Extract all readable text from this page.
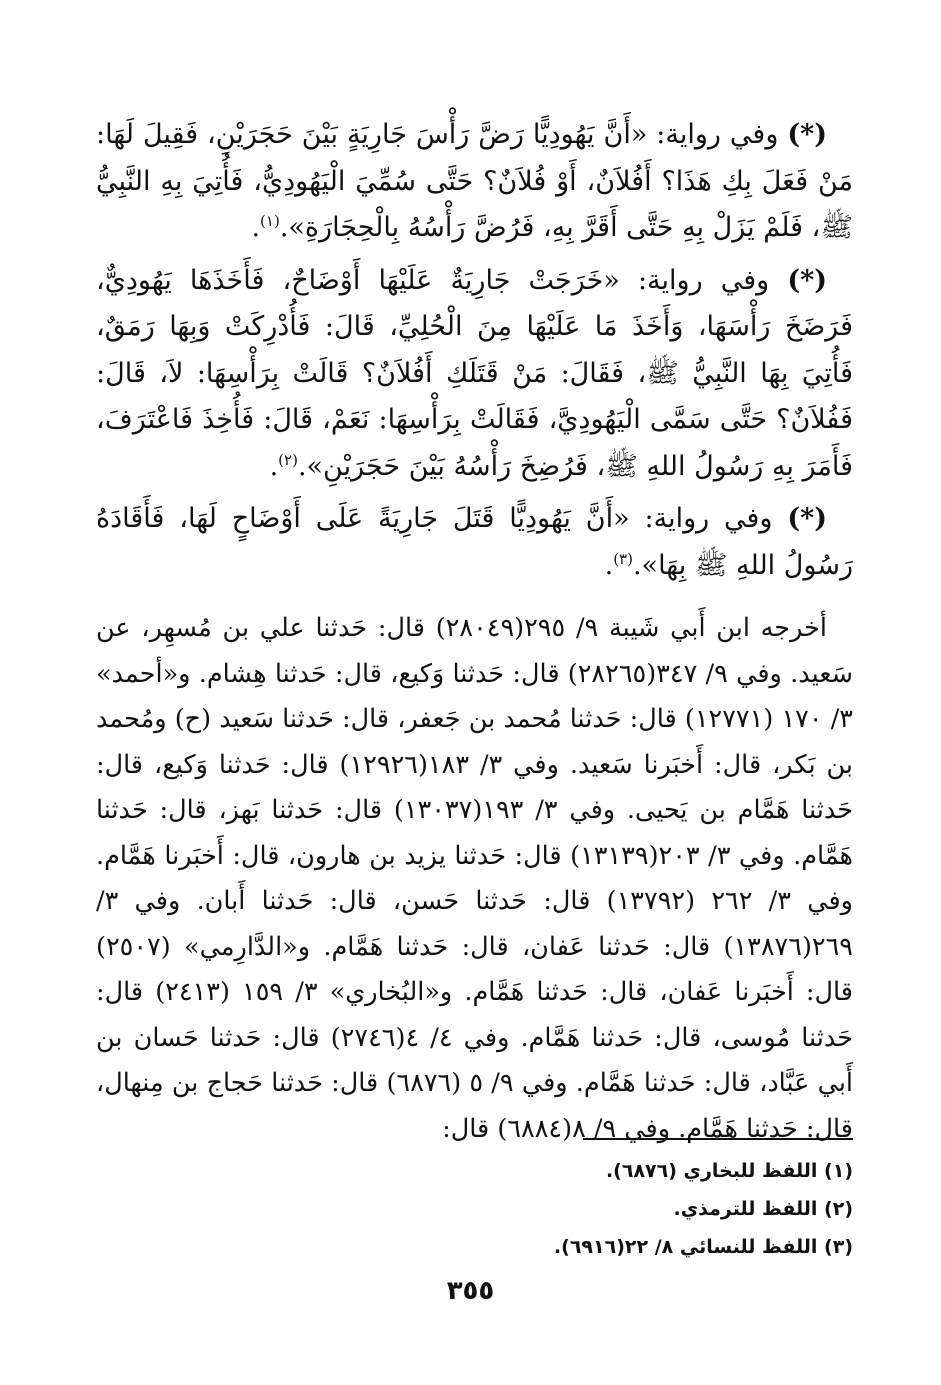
(*) وفي رواية: «أَنَّ يَهُودِيًّا رَضَّ رَأْسَ جَارِيَةٍ بَيْنَ حَجَرَيْنِ، فَقِيلَ لَهَا: مَنْ فَعَلَ بِكِ هَذَا؟ أَفُلاَنٌ، أَوْ فُلاَنٌ؟ حَتَّى سُمِّيَ الْيَهُودِيُّ، فَأُتِيَ بِهِ النَّبِيُّ ﷺ، فَلَمْ يَزَلْ بِهِ حَتَّى أَقَرَّ بِهِ، فَرُضَّ رَأْسُهُ بِالْحِجَارَةِ».$^{(١)}$.

(*) وفي رواية: «خَرَجَتْ جَارِيَةٌ عَلَيْهَا أَوْضَاحٌ، فَأَخَذَهَا يَهُودِيٌّ، فَرَضَخَ رَأْسَهَا، وَأَخَذَ مَا عَلَيْهَا مِنَ الْحُلِيِّ، قَالَ: فَأُدْرِكَتْ وَبِهَا رَمَقٌ، فَأُتِيَ بِهَا النَّبِيُّ ﷺ، فَقَالَ: مَنْ قَتَلَكِ أَفُلاَنٌ؟ قَالَتْ بِرَأْسِهَا: لاَ، قَالَ: فَفُلاَنٌ؟ حَتَّى سَمَّى الْيَهُودِيَّ، فَقَالَتْ بِرَأْسِهَا: نَعَمْ، قَالَ: فَأُخِذَ فَاعْتَرَفَ، فَأَمَرَ بِهِ رَسُولُ اللهِ ﷺ، فَرُضِخَ رَأْسُهُ بَيْنَ حَجَرَيْنِ».$^{(٢)}$.

(*) وفي رواية: «أَنَّ يَهُودِيًّا قَتَلَ جَارِيَةً عَلَى أَوْضَاحٍ لَهَا، فَأَقَادَهُ رَسُولُ اللهِ ﷺ بِهَا».$^{(٣)}$.

أخرجه ابن أَبي شَيبة ٩/ ٢٩٥(٢٨٠٤٩) قال: حَدثنا علي بن مُسهِر، عن سَعيد. وفي ٩/ ٣٤٧(٢٨٢٦٥) قال: حَدثنا وَكيع، قال: حَدثنا هِشام. و«أحمد» ٣/ ١٧٠ (١٢٧٧١) قال: حَدثنا مُحمد بن جَعفر، قال: حَدثنا سَعيد (ح) ومُحمد بن بَكر، قال: أَخبَرنا سَعيد. وفي ٣/ ١٨٣(١٢٩٢٦) قال: حَدثنا وَكيع، قال: حَدثنا هَمَّام بن يَحيى. وفي ٣/ ١٩٣(١٣٠٣٧) قال: حَدثنا بَهز، قال: حَدثنا هَمَّام. وفي ٣/ ٢٠٣(١٣١٣٩) قال: حَدثنا يزيد بن هارون، قال: أَخبَرنا هَمَّام. وفي ٣/ ٢٦٢ (١٣٧٩٢) قال: حَدثنا حَسن، قال: حَدثنا أَبان. وفي ٣/ ٢٦٩(١٣٨٧٦) قال: حَدثنا عَفان، قال: حَدثنا هَمَّام. و«الدَّارِمي» (٢٥٠٧) قال: أَخبَرنا عَفان، قال: حَدثنا هَمَّام. و«البُخاري» ٣/ ١٥٩ (٢٤١٣) قال: حَدثنا مُوسى، قال: حَدثنا هَمَّام. وفي ٤/ ٤(٢٧٤٦) قال: حَدثنا حَسان بن أَبي عَبَّاد، قال: حَدثنا هَمَّام. وفي ٩/ ٥ (٦٨٧٦) قال: حَدثنا حَجاج بن مِنهال، قال: حَدثنا هَمَّام. وفي ٩/ ٨(٦٨٨٤) قال:

(١) اللفظ للبخاري (٦٨٧٦).
(٢) اللفظ للترمذي.
(٣) اللفظ للنسائي ٨/ ٢٢(٦٩١٦).
٣٥٥
